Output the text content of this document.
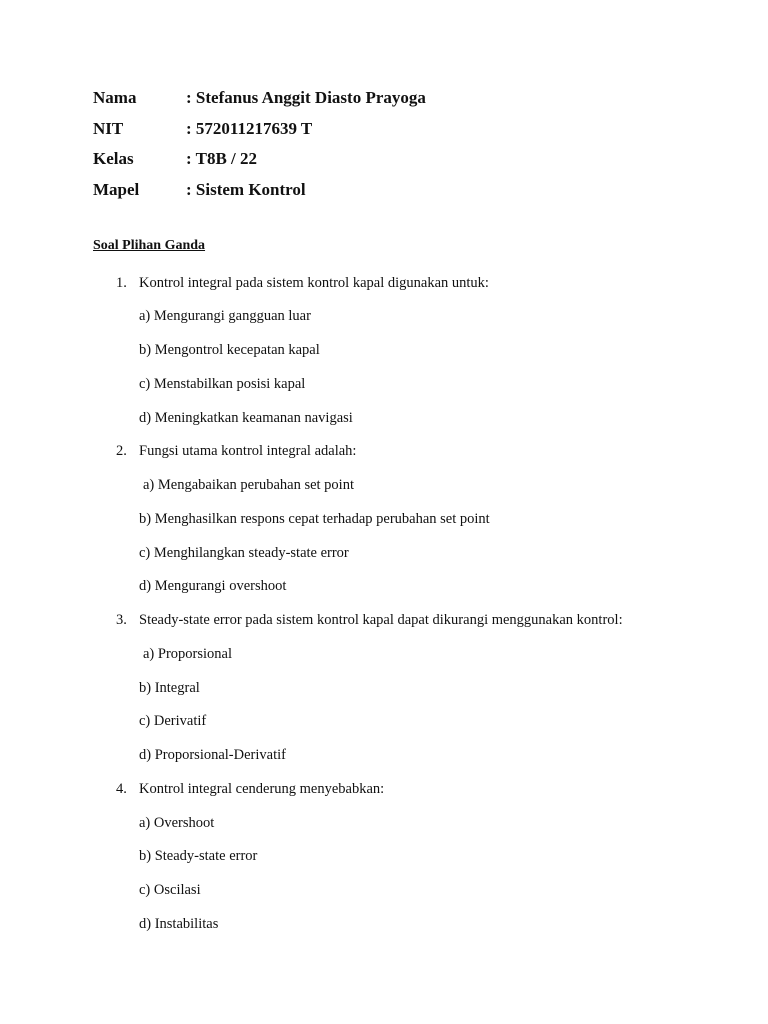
Nama	: Stefanus Anggit Diasto Prayoga
NIT	: 572011217639 T
Kelas	: T8B / 22
Mapel	: Sistem Kontrol
Soal Plihan Ganda
1. Kontrol integral pada sistem kontrol kapal digunakan untuk:
a) Mengurangi gangguan luar
b) Mengontrol kecepatan kapal
c) Menstabilkan posisi kapal
d) Meningkatkan keamanan navigasi
2. Fungsi utama kontrol integral adalah:
a) Mengabaikan perubahan set point
b) Menghasilkan respons cepat terhadap perubahan set point
c) Menghilangkan steady-state error
d) Mengurangi overshoot
3. Steady-state error pada sistem kontrol kapal dapat dikurangi menggunakan kontrol:
a) Proporsional
b) Integral
c) Derivatif
d) Proporsional-Derivatif
4. Kontrol integral cenderung menyebabkan:
a) Overshoot
b) Steady-state error
c) Oscilasi
d) Instabilitas
